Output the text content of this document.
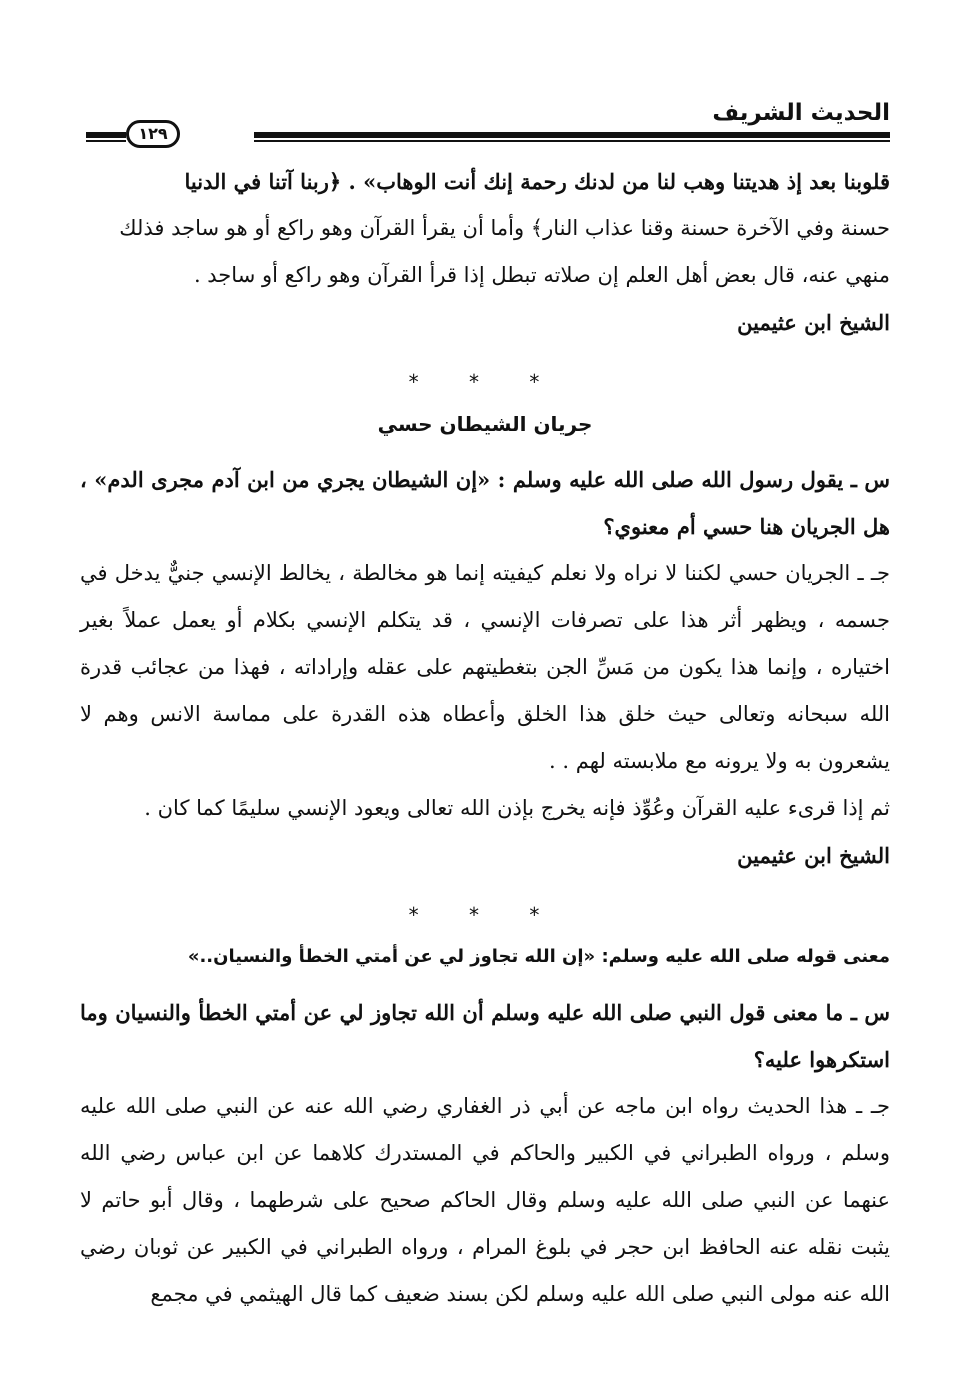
الحديث الشريف
١٢٩

قلوبنا بعد إذ هديتنا وهب لنا من لدنك رحمة إنك أنت الوهاب» . ﴿ربنا آتنا في الدنيا

حسنة وفي الآخرة حسنة وقنا عذاب النار﴾ وأما أن يقرأ القرآن وهو راكع أو هو ساجد فذلك

منهي عنه، قال بعض أهل العلم إن صلاته تبطل إذا قرأ القرآن وهو راكع أو ساجد .

الشيخ ابن عثيمين

* * *
جريان الشيطان حسي

س ـ يقول رسول الله صلى الله عليه وسلم : «إن الشيطان يجري من ابن آدم مجرى الدم» ، هل الجريان هنا حسي أم معنوي؟

جـ ـ الجريان حسي لكننا لا نراه ولا نعلم كيفيته إنما هو مخالطة ، يخالط الإنسي جنيٌّ يدخل في جسمه ، ويظهر أثر هذا على تصرفات الإنسي ، قد يتكلم الإنسي بكلام أو يعمل عملاً بغير اختياره ، وإنما هذا يكون من مَسِّ الجن بتغطيتهم على عقله وإراداته ، فهذا من عجائب قدرة الله سبحانه وتعالى حيث خلق هذا الخلق وأعطاه هذه القدرة على مماسة الانس وهم لا يشعرون به ولا يرونه مع ملابسته لهم . .

ثم إذا قرىء عليه القرآن وعُوِّذ فإنه يخرج بإذن الله تعالى ويعود الإنسي سليمًا كما كان .

الشيخ ابن عثيمين

* * *
معنى قوله صلى الله عليه وسلم: «إن الله تجاوز لي عن أمتي الخطأ والنسيان..»

س ـ ما معنى قول النبي صلى الله عليه وسلم أن الله تجاوز لي عن أمتي الخطأ والنسيان وما استكرهوا عليه؟

جـ ـ هذا الحديث رواه ابن ماجه عن أبي ذر الغفاري رضي الله عنه عن النبي صلى الله عليه وسلم ، ورواه الطبراني في الكبير والحاكم في المستدرك كلاهما عن ابن عباس رضي الله عنهما عن النبي صلى الله عليه وسلم وقال الحاكم صحيح على شرطهما ، وقال أبو حاتم لا يثبت نقله عنه الحافظ ابن حجر في بلوغ المرام ، ورواه الطبراني في الكبير عن ثوبان رضي الله عنه مولى النبي صلى الله عليه وسلم لكن بسند ضعيف كما قال الهيثمي في مجمع
